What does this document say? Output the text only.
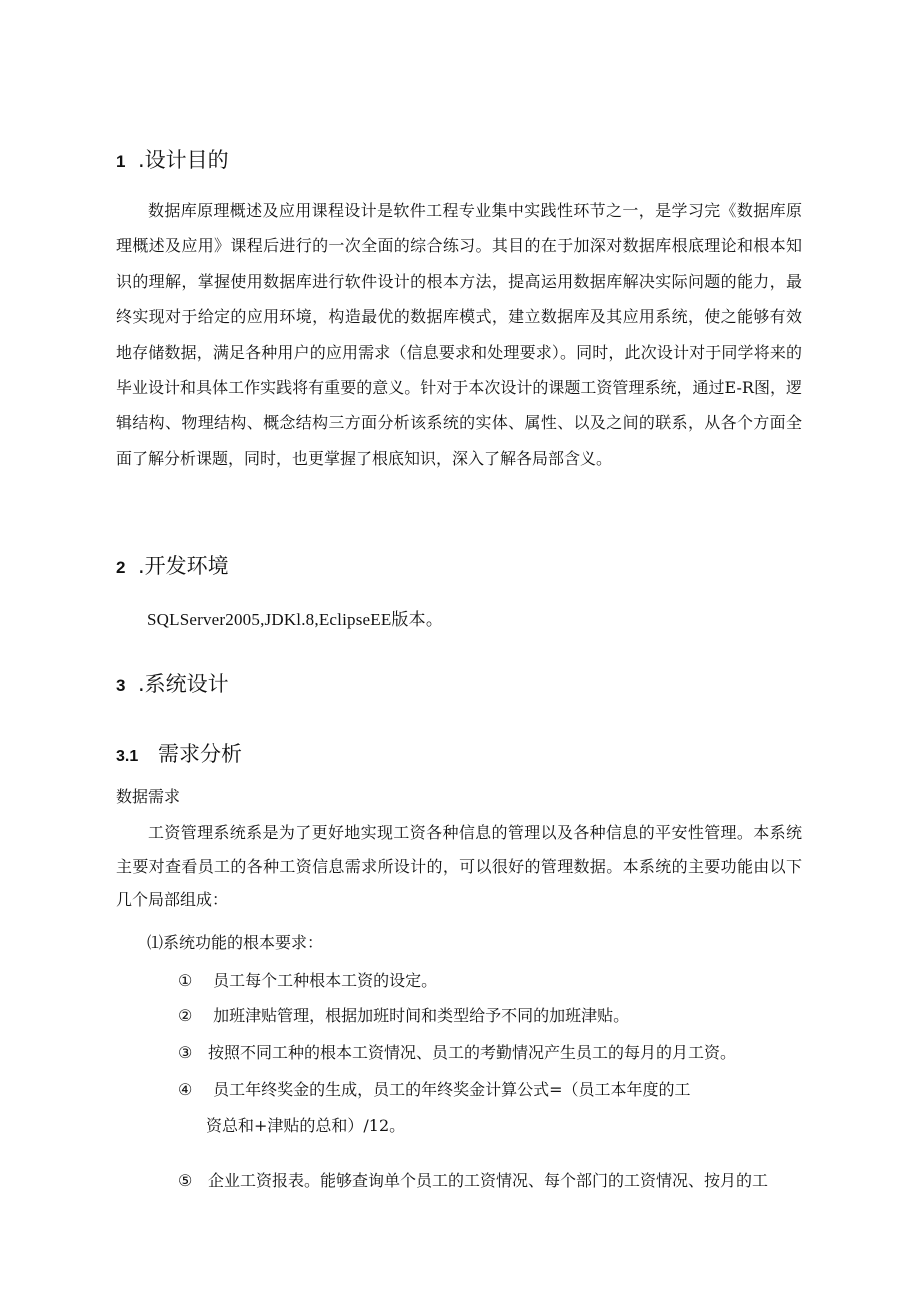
1 .设计目的

数据库原理概述及应用课程设计是软件工程专业集中实践性环节之一，是学习完《数据库原理概述及应用》课程后进行的一次全面的综合练习。其目的在于加深对数据库根底理论和根本知识的理解，掌握使用数据库进行软件设计的根本方法，提高运用数据库解决实际问题的能力，最终实现对于给定的应用环境，构造最优的数据库模式，建立数据库及其应用系统，使之能够有效地存储数据，满足各种用户的应用需求（信息要求和处理要求）。同时，此次设计对于同学将来的毕业设计和具体工作实践将有重要的意义。针对于本次设计的课题工资管理系统，通过E-R图，逻辑结构、物理结构、概念结构三方面分析该系统的实体、属性、以及之间的联系，从各个方面全面了解分析课题，同时，也更掌握了根底知识，深入了解各局部含义。

2 .开发环境
SQLServer2005,JDKl.8,EclipseEE版本。
3 .系统设计
3.1 需求分析
数据需求

工资管理系统系是为了更好地实现工资各种信息的管理以及各种信息的平安性管理。本系统主要对查看员工的各种工资信息需求所设计的，可以很好的管理数据。本系统的主要功能由以下几个局部组成：

⑴系统功能的根本要求：
① 员工每个工种根本工资的设定。
② 加班津贴管理，根据加班时间和类型给予不同的加班津贴。
③ 按照不同工种的根本工资情况、员工的考勤情况产生员工的每月的月工资。
④ 员工年终奖金的生成，员工的年终奖金计算公式=（员工本年度的工
资总和+津贴的总和）/12。
⑤ 企业工资报表。能够查询单个员工的工资情况、每个部门的工资情况、按月的工
